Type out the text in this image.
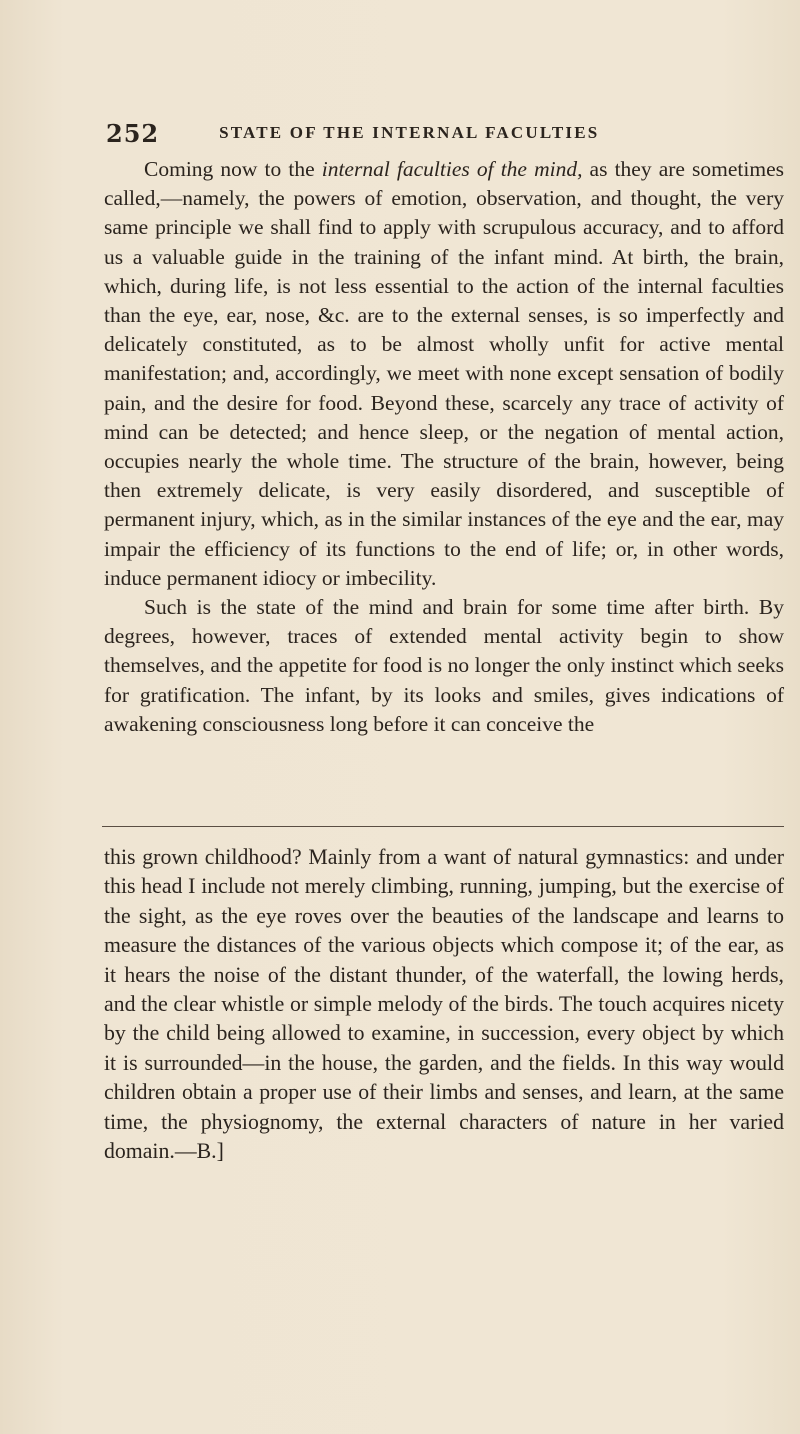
252	STATE OF THE INTERNAL FACULTIES

Coming now to the internal faculties of the mind, as they are sometimes called,—namely, the powers of emotion, observation, and thought, the very same principle we shall find to apply with scrupulous accuracy, and to afford us a valuable guide in the training of the infant mind. At birth, the brain, which, during life, is not less essential to the action of the internal faculties than the eye, ear, nose, &c. are to the external senses, is so imperfectly and delicately constituted, as to be almost wholly unfit for active mental manifestation; and, accordingly, we meet with none except sensation of bodily pain, and the desire for food. Beyond these, scarcely any trace of activity of mind can be detected; and hence sleep, or the negation of mental action, occupies nearly the whole time. The structure of the brain, however, being then extremely delicate, is very easily disordered, and susceptible of permanent injury, which, as in the similar instances of the eye and the ear, may impair the efficiency of its functions to the end of life; or, in other words, induce permanent idiocy or imbecility.

Such is the state of the mind and brain for some time after birth. By degrees, however, traces of extended mental activity begin to show themselves, and the appetite for food is no longer the only instinct which seeks for gratification. The infant, by its looks and smiles, gives indications of awakening consciousness long before it can conceive the

this grown childhood? Mainly from a want of natural gymnastics: and under this head I include not merely climbing, running, jumping, but the exercise of the sight, as the eye roves over the beauties of the landscape and learns to measure the distances of the various objects which compose it; of the ear, as it hears the noise of the distant thunder, of the waterfall, the lowing herds, and the clear whistle or simple melody of the birds. The touch acquires nicety by the child being allowed to examine, in succession, every object by which it is surrounded—in the house, the garden, and the fields. In this way would children obtain a proper use of their limbs and senses, and learn, at the same time, the physiognomy, the external characters of nature in her varied domain.—B.]
